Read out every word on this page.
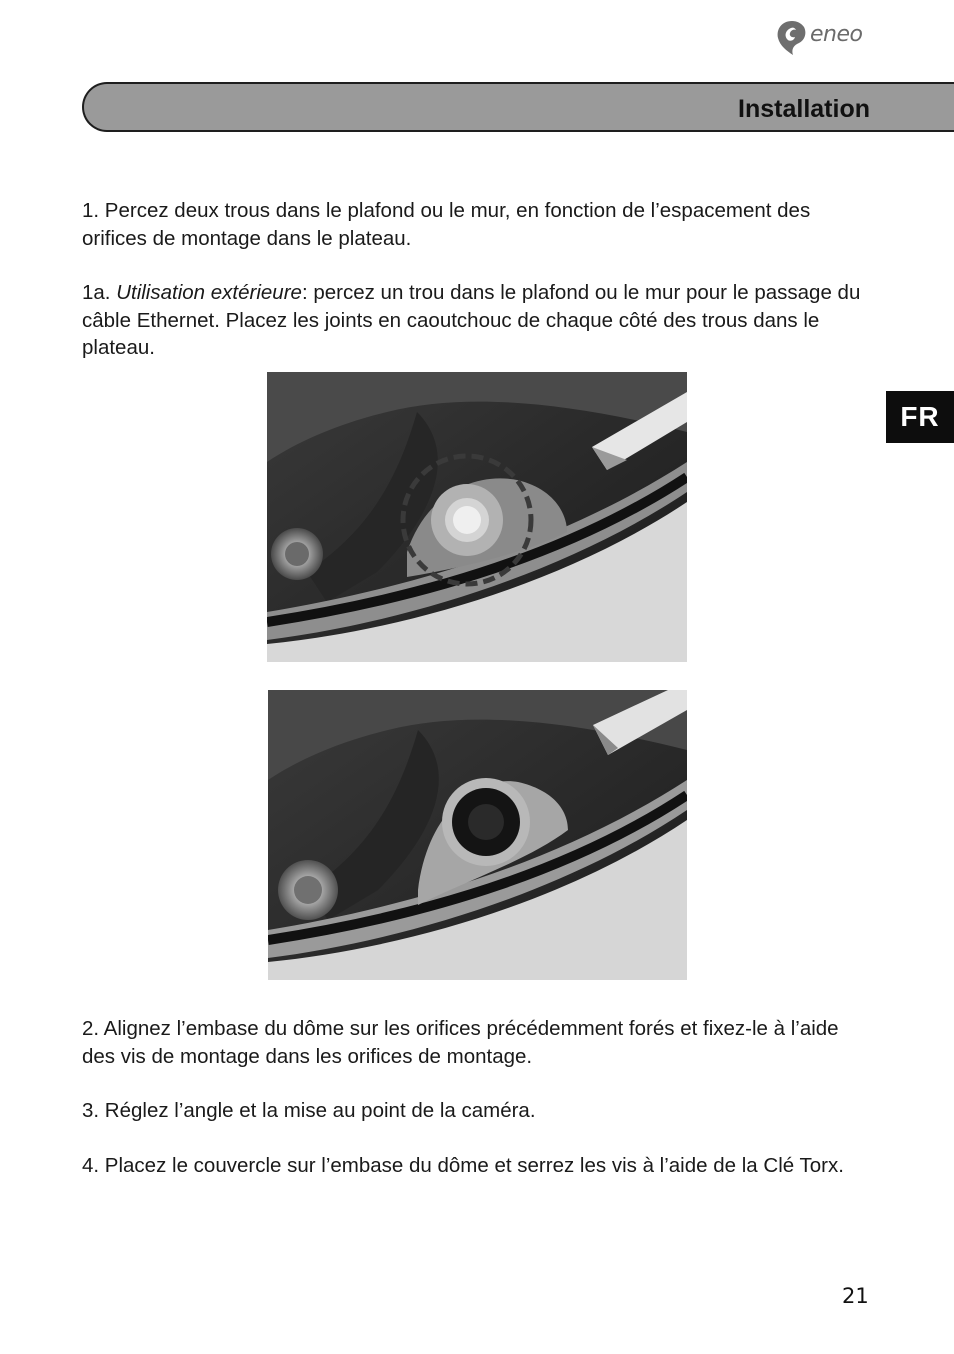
eneo
Installation
FR

1. Percez deux trous dans le plafond ou le mur, en fonction de l’espacement des orifices de montage dans le plateau.

1a. Utilisation extérieure: percez un trou dans le plafond ou le mur pour le passage du câble Ethernet. Placez les joints en caoutchouc de chaque côté des trous dans le plateau.

2. Alignez l’embase du dôme sur les orifices précédemment forés et fixez-le à l’aide des vis de montage dans les orifices de montage.

3. Réglez l’angle et la mise au point de la caméra.

4. Placez le couvercle sur l’embase du dôme et serrez les vis à l’aide de la Clé Torx.

21
